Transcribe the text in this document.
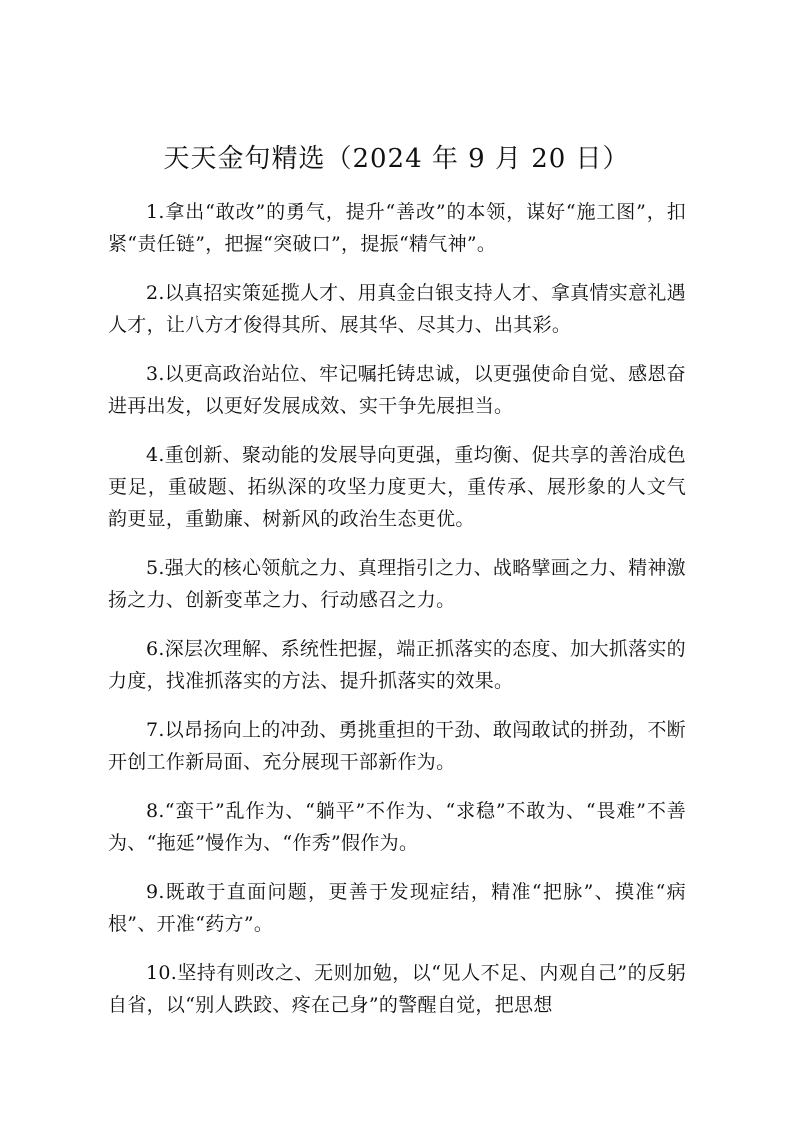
天天金句精选（2024 年 9 月 20 日）

1.拿出“敢改”的勇气，提升“善改”的本领，谋好“施工图”，扣紧“责任链”，把握“突破口”，提振“精气神”。

2.以真招实策延揽人才、用真金白银支持人才、拿真情实意礼遇人才，让八方才俊得其所、展其华、尽其力、出其彩。

3.以更高政治站位、牢记嘱托铸忠诚，以更强使命自觉、感恩奋进再出发，以更好发展成效、实干争先展担当。

4.重创新、聚动能的发展导向更强，重均衡、促共享的善治成色更足，重破题、拓纵深的攻坚力度更大，重传承、展形象的人文气韵更显，重勤廉、树新风的政治生态更优。

5.强大的核心领航之力、真理指引之力、战略擘画之力、精神激扬之力、创新变革之力、行动感召之力。

6.深层次理解、系统性把握，端正抓落实的态度、加大抓落实的力度，找准抓落实的方法、提升抓落实的效果。

7.以昂扬向上的冲劲、勇挑重担的干劲、敢闯敢试的拼劲，不断开创工作新局面、充分展现干部新作为。

8.“蛮干”乱作为、“躺平”不作为、“求稳”不敢为、“畏难”不善为、“拖延”慢作为、“作秀”假作为。

9.既敢于直面问题，更善于发现症结，精准“把脉”、摸准“病根”、开准“药方”。

10.坚持有则改之、无则加勉，以“见人不足、内观自己”的反躬自省，以“别人跌跤、疼在己身”的警醒自觉，把思想
